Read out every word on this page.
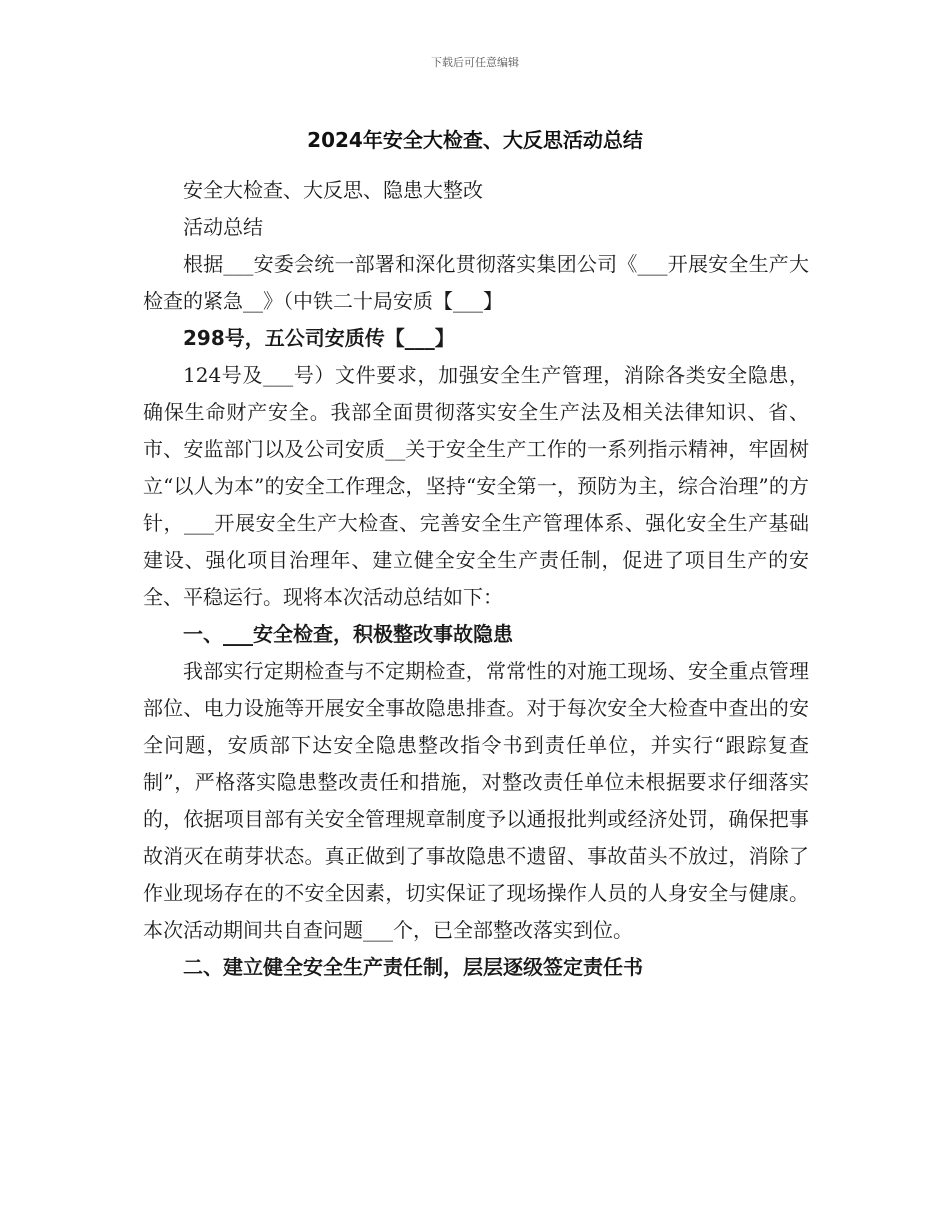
下载后可任意编辑
2024年安全大检查、大反思活动总结

安全大检查、大反思、隐患大整改

活动总结

根据___安委会统一部署和深化贯彻落实集团公司《___开展安全生产大检查的紧急__》（中铁二十局安质【___】

298号，五公司安质传【___】

124号及___号）文件要求，加强安全生产管理，消除各类安全隐患，确保生命财产安全。我部全面贯彻落实安全生产法及相关法律知识、省、市、安监部门以及公司安质__关于安全生产工作的一系列指示精神，牢固树立“以人为本”的安全工作理念，坚持“安全第一，预防为主，综合治理”的方针，___开展安全生产大检查、完善安全生产管理体系、强化安全生产基础建设、强化项目治理年、建立健全安全生产责任制，促进了项目生产的安全、平稳运行。现将本次活动总结如下：

一、___安全检查，积极整改事故隐患

我部实行定期检查与不定期检查，常常性的对施工现场、安全重点管理部位、电力设施等开展安全事故隐患排查。对于每次安全大检查中查出的安全问题，安质部下达安全隐患整改指令书到责任单位，并实行“跟踪复查制”，严格落实隐患整改责任和措施，对整改责任单位未根据要求仔细落实的，依据项目部有关安全管理规章制度予以通报批判或经济处罚，确保把事故消灭在萌芽状态。真正做到了事故隐患不遗留、事故苗头不放过，消除了作业现场存在的不安全因素，切实保证了现场操作人员的人身安全与健康。本次活动期间共自查问题___个，已全部整改落实到位。

二、建立健全安全生产责任制，层层逐级签定责任书
